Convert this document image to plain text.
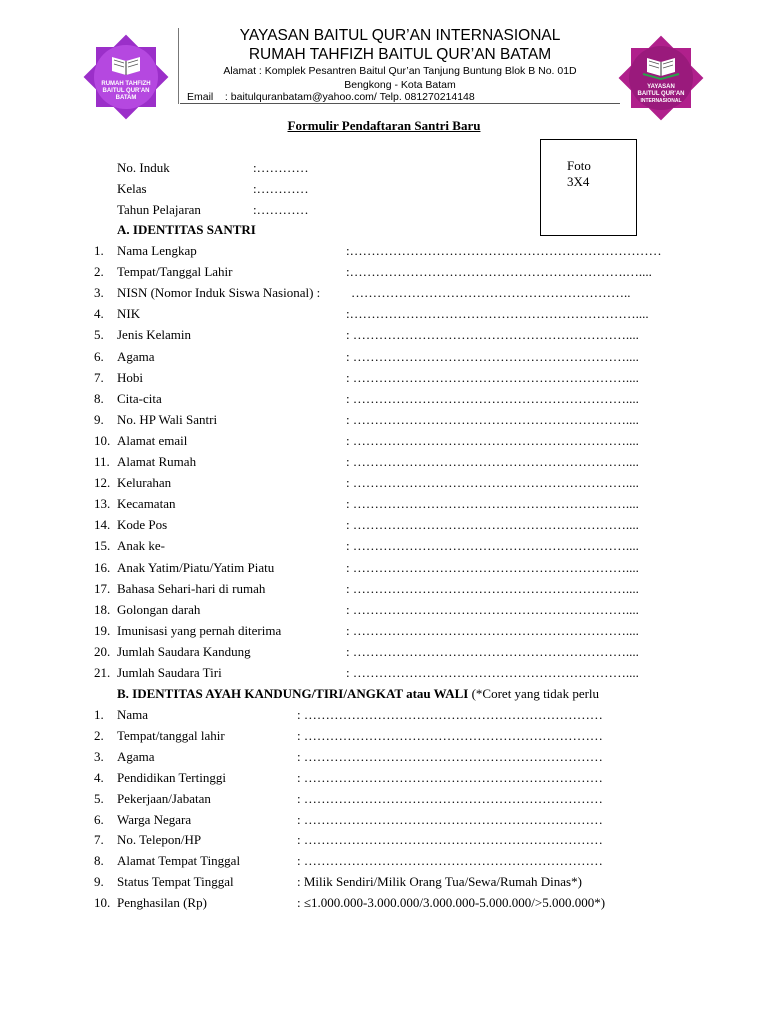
RUMAH TAHFIZH
BAITUL QUR'AN
BATAM
YAYASAN BAITUL QUR’AN INTERNASIONAL
RUMAH TAHFIZH BAITUL QUR’AN BATAM
Alamat : Komplek Pesantren Baitul Qur’an Tanjung Buntung Blok B No. 01D
Bengkong - Kota Batam
Email    : baitulquranbatam@yahoo.com/ Telp. 081270214148
YAYASAN
BAITUL QUR'AN
INTERNASIONAL
Formulir Pendaftaran Santri Baru
Foto
3X4
No. Induk	:…………
Kelas	:…………
Tahun Pelajaran	:…………
A. IDENTITAS SANTRI
1. Nama Lengkap	:………………………………………………………………
2. Tempat/Tanggal Lahir	:……………………………………………………….…....
3. NISN (Nomor Induk Siswa Nasional) : ………………………………………………………..
4. NIK	:…………………………………………………………....
5. Jenis Kelamin	: ………………………………………………………....
6. Agama	: ………………………………………………………....
7. Hobi	: ………………………………………………………....
8. Cita-cita	: ………………………………………………………....
9. No. HP Wali Santri	: ………………………………………………………....
10. Alamat email	: ………………………………………………………....
11. Alamat Rumah	: ………………………………………………………....
12. Kelurahan	: ………………………………………………………....
13. Kecamatan	: ………………………………………………………....
14. Kode Pos	: ………………………………………………………....
15. Anak ke-	: ………………………………………………………....
16. Anak Yatim/Piatu/Yatim Piatu	: ………………………………………………………....
17. Bahasa Sehari-hari di rumah	: ………………………………………………………....
18. Golongan darah	: ………………………………………………………....
19. Imunisasi yang pernah diterima	: ………………………………………………………....
20. Jumlah Saudara Kandung	: ………………………………………………………....
21. Jumlah Saudara Tiri	: ………………………………………………………....
B. IDENTITAS AYAH KANDUNG/TIRI/ANGKAT atau WALI (*Coret yang tidak perlu
1. Nama	: ……………………………………………………………
2. Tempat/tanggal lahir	: ……………………………………………………………
3. Agama	: ……………………………………………………………
4. Pendidikan Tertinggi	: ……………………………………………………………
5. Pekerjaan/Jabatan	: ……………………………………………………………
6. Warga Negara	: ……………………………………………………………
7. No. Telepon/HP	: ……………………………………………………………
8. Alamat Tempat Tinggal	: ……………………………………………………………
9. Status Tempat Tinggal	: Milik Sendiri/Milik Orang Tua/Sewa/Rumah Dinas*)
10. Penghasilan (Rp)	: ≤1.000.000-3.000.000/3.000.000-5.000.000/>5.000.000*)
